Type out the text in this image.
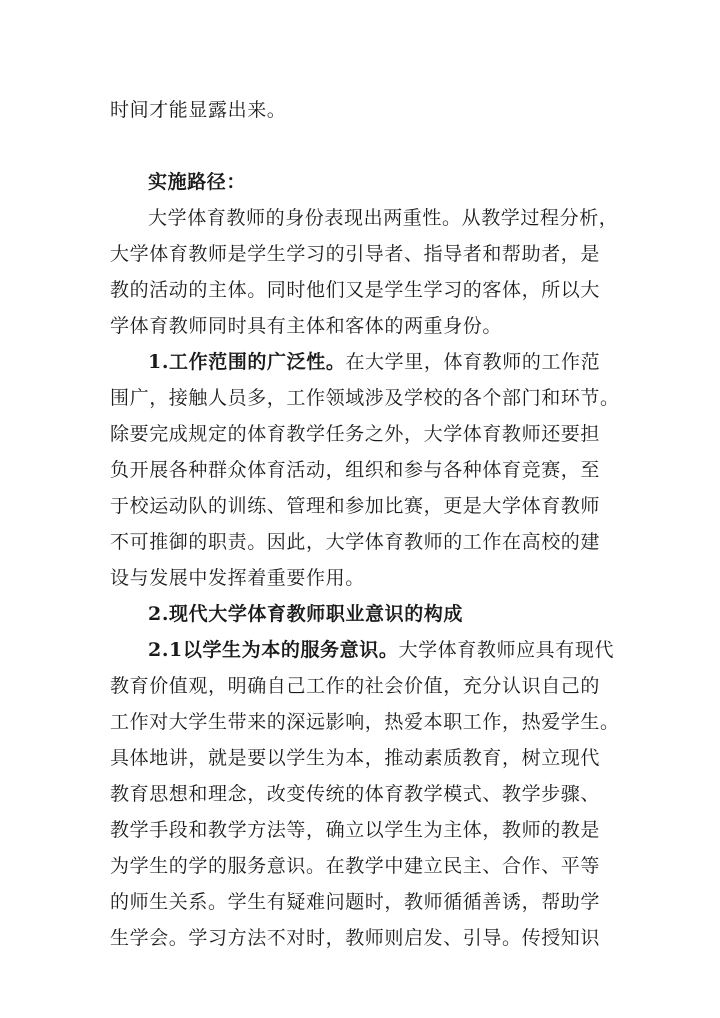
时间才能显露出来。
实施路径：
大学体育教师的身份表现出两重性。从教学过程分析，
大学体育教师是学生学习的引导者、指导者和帮助者，是
教的活动的主体。同时他们又是学生学习的客体，所以大
学体育教师同时具有主体和客体的两重身份。
1.工作范围的广泛性。在大学里，体育教师的工作范
围广，接触人员多，工作领域涉及学校的各个部门和环节。
除要完成规定的体育教学任务之外，大学体育教师还要担
负开展各种群众体育活动，组织和参与各种体育竞赛，至
于校运动队的训练、管理和参加比赛，更是大学体育教师
不可推御的职责。因此，大学体育教师的工作在高校的建
设与发展中发挥着重要作用。
2.现代大学体育教师职业意识的构成
2.1以学生为本的服务意识。大学体育教师应具有现代
教育价值观，明确自己工作的社会价值，充分认识自己的
工作对大学生带来的深远影响，热爱本职工作，热爱学生。
具体地讲，就是要以学生为本，推动素质教育，树立现代
教育思想和理念，改变传统的体育教学模式、教学步骤、
教学手段和教学方法等，确立以学生为主体，教师的教是
为学生的学的服务意识。在教学中建立民主、合作、平等
的师生关系。学生有疑难问题时，教师循循善诱，帮助学
生学会。学习方法不对时，教师则启发、引导。传授知识
